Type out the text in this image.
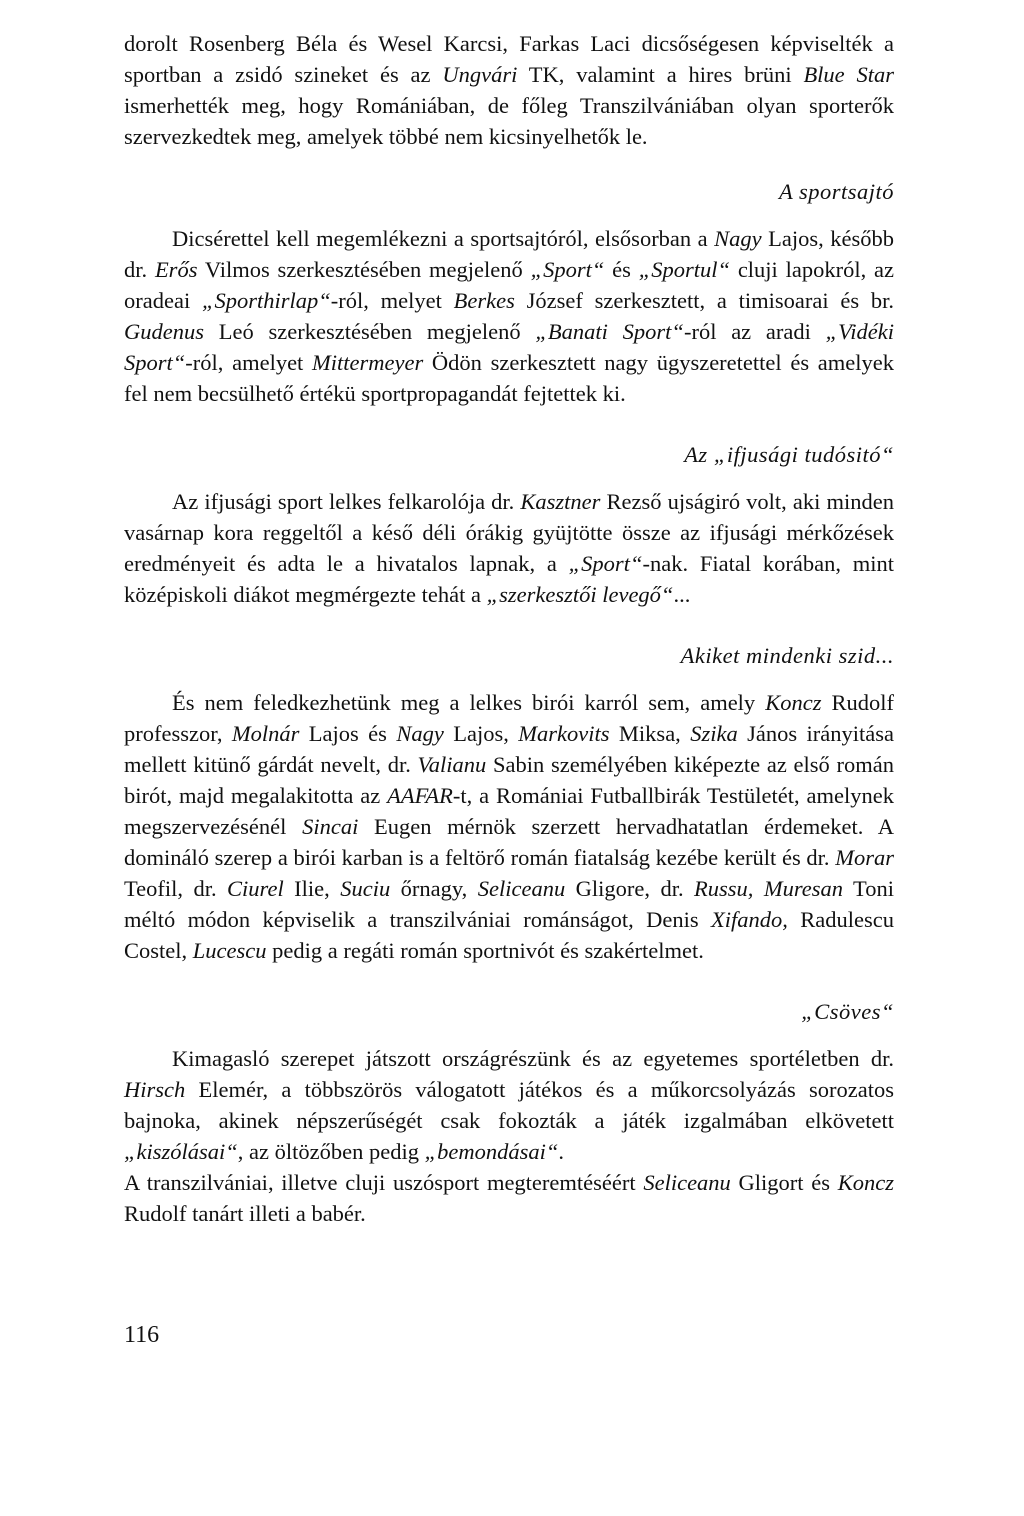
dorolt Rosenberg Béla és Wesel Karcsi, Farkas Laci dicsőségesen képviselték a sportban a zsidó szineket és az Ungvári TK, valamint a hires brüni Blue Star ismerhették meg, hogy Romániában, de főleg Transzilvániában olyan sporterők szervezkedtek meg, amelyek többé nem kicsinyelhetők le.

A sportsajtó

Dicsérettel kell megemlékezni a sportsajtóról, elsősorban a Nagy Lajos, később dr. Erős Vilmos szerkesztésében megjelenő „Sport“ és „Sportul“ cluji lapokról, az oradeai „Sporthirlap“-ról, melyet Berkes József szerkesztett, a timisoarai és br. Gudenus Leó szerkesztésében megjelenő „Banati Sport“-ról az aradi „Vidéki Sport“-ról, amelyet Mittermeyer Ödön szerkesztett nagy ügyszeretettel és amelyek fel nem becsülhető értékü sportpropagandát fejtettek ki.

Az „ifjusági tudósitó“

Az ifjusági sport lelkes felkarolója dr. Kasztner Rezső ujságiró volt, aki minden vasárnap kora reggeltől a késő déli órákig gyüjtötte össze az ifjusági mérkőzések eredményeit és adta le a hivatalos lapnak, a „Sport“-nak. Fiatal korában, mint középiskoli diákot megmérgezte tehát a „szerkesztői levegő“...

Akiket mindenki szid...

És nem feledkezhetünk meg a lelkes birói karról sem, amely Koncz Rudolf professzor, Molnár Lajos és Nagy Lajos, Markovits Miksa, Szika János irányitása mellett kitünő gárdát nevelt, dr. Valianu Sabin személyében kiképezte az első román birót, majd megalakitotta az AAFAR-t, a Romániai Futballbirák Testületét, amelynek megszervezésénél Sincai Eugen mérnök szerzett hervadhatatlan érdemeket. A domináló szerep a birói karban is a feltörő román fiatalság kezébe került és dr. Morar Teofil, dr. Ciurel Ilie, Suciu őrnagy, Seliceanu Gligore, dr. Russu, Muresan Toni méltó módon képviselik a transzilvániai románságot, Denis Xifando, Radulescu Costel, Lucescu pedig a regáti román sportnivót és szakértelmet.

„Csöves“

Kimagasló szerepet játszott országrészünk és az egyetemes sportéletben dr. Hirsch Elemér, a többszörös válogatott játékos és a műkorcsolyázás sorozatos bajnoka, akinek népszerűségét csak fokozták a játék izgalmában elkövetett „kiszólásai“, az öltözőben pedig „bemondásai“.

A transzilvániai, illetve cluji uszósport megteremtéséért Seliceanu Gligort és Koncz Rudolf tanárt illeti a babér.

116
